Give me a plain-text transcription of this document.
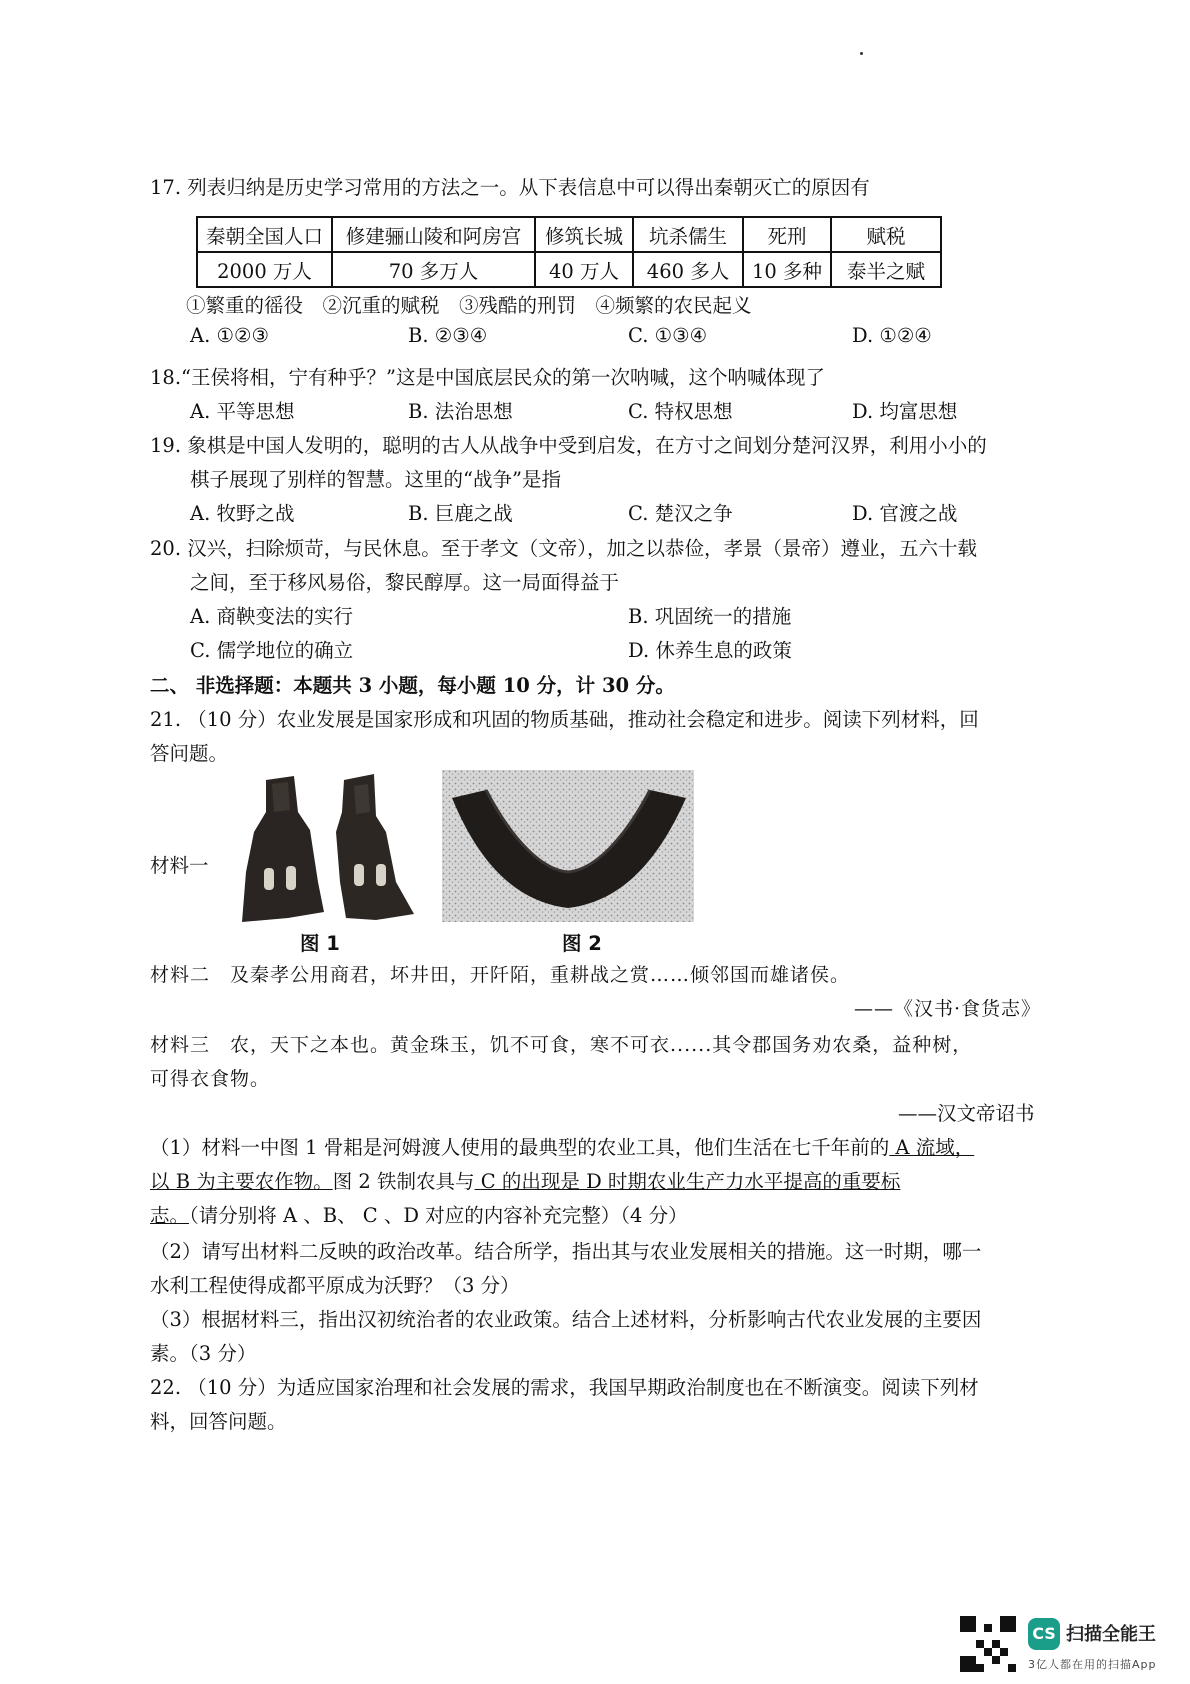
17. 列表归纳是历史学习常用的方法之一。从下表信息中可以得出秦朝灭亡的原因有
秦朝全国人口	修建骊山陵和阿房宫	修筑长城	坑杀儒生	死刑	赋税
2000 万人	70 多万人	40 万人	460 多人	10 多种	泰半之赋
①繁重的徭役　②沉重的赋税　③残酷的刑罚　④频繁的农民起义
A. ①②③	B. ②③④	C. ①③④	D. ①②④
18.“王侯将相，宁有种乎？”这是中国底层民众的第一次呐喊，这个呐喊体现了
A. 平等思想	B. 法治思想	C. 特权思想	D. 均富思想
19. 象棋是中国人发明的，聪明的古人从战争中受到启发，在方寸之间划分楚河汉界，利用小小的
棋子展现了别样的智慧。这里的“战争”是指
A. 牧野之战	B. 巨鹿之战	C. 楚汉之争	D. 官渡之战
20. 汉兴，扫除烦苛，与民休息。至于孝文（文帝），加之以恭俭，孝景（景帝）遵业，五六十载
之间，至于移风易俗，黎民醇厚。这一局面得益于
A. 商鞅变法的实行	B. 巩固统一的措施
C. 儒学地位的确立	D. 休养生息的政策
二、 非选择题：本题共 3 小题，每小题 10 分，计 30 分。
21. （10 分）农业发展是国家形成和巩固的物质基础，推动社会稳定和进步。阅读下列材料，回
答问题。
材料一
图 1	图 2
材料二　及秦孝公用商君，坏井田，开阡陌，重耕战之赏……倾邻国而雄诸侯。
——《汉书·食货志》
材料三　农，天下之本也。黄金珠玉，饥不可食，寒不可衣......其令郡国务劝农桑，益种树，
可得衣食物。
——汉文帝诏书
（1）材料一中图 1 骨耜是河姆渡人使用的最典型的农业工具，他们生活在七千年前的 A 流域，
以 B 为主要农作物。图 2 铁制农具与 C 的出现是 D 时期农业生产力水平提高的重要标
志。（请分别将 A 、B、 C 、D 对应的内容补充完整）（4 分）
（2）请写出材料二反映的政治改革。结合所学，指出其与农业发展相关的措施。这一时期，哪一
水利工程使得成都平原成为沃野？（3 分）
（3）根据材料三，指出汉初统治者的农业政策。结合上述材料，分析影响古代农业发展的主要因
素。（3 分）
22. （10 分）为适应国家治理和社会发展的需求，我国早期政治制度也在不断演变。阅读下列材
料，回答问题。
CS 扫描全能王
3亿人都在用的扫描App
